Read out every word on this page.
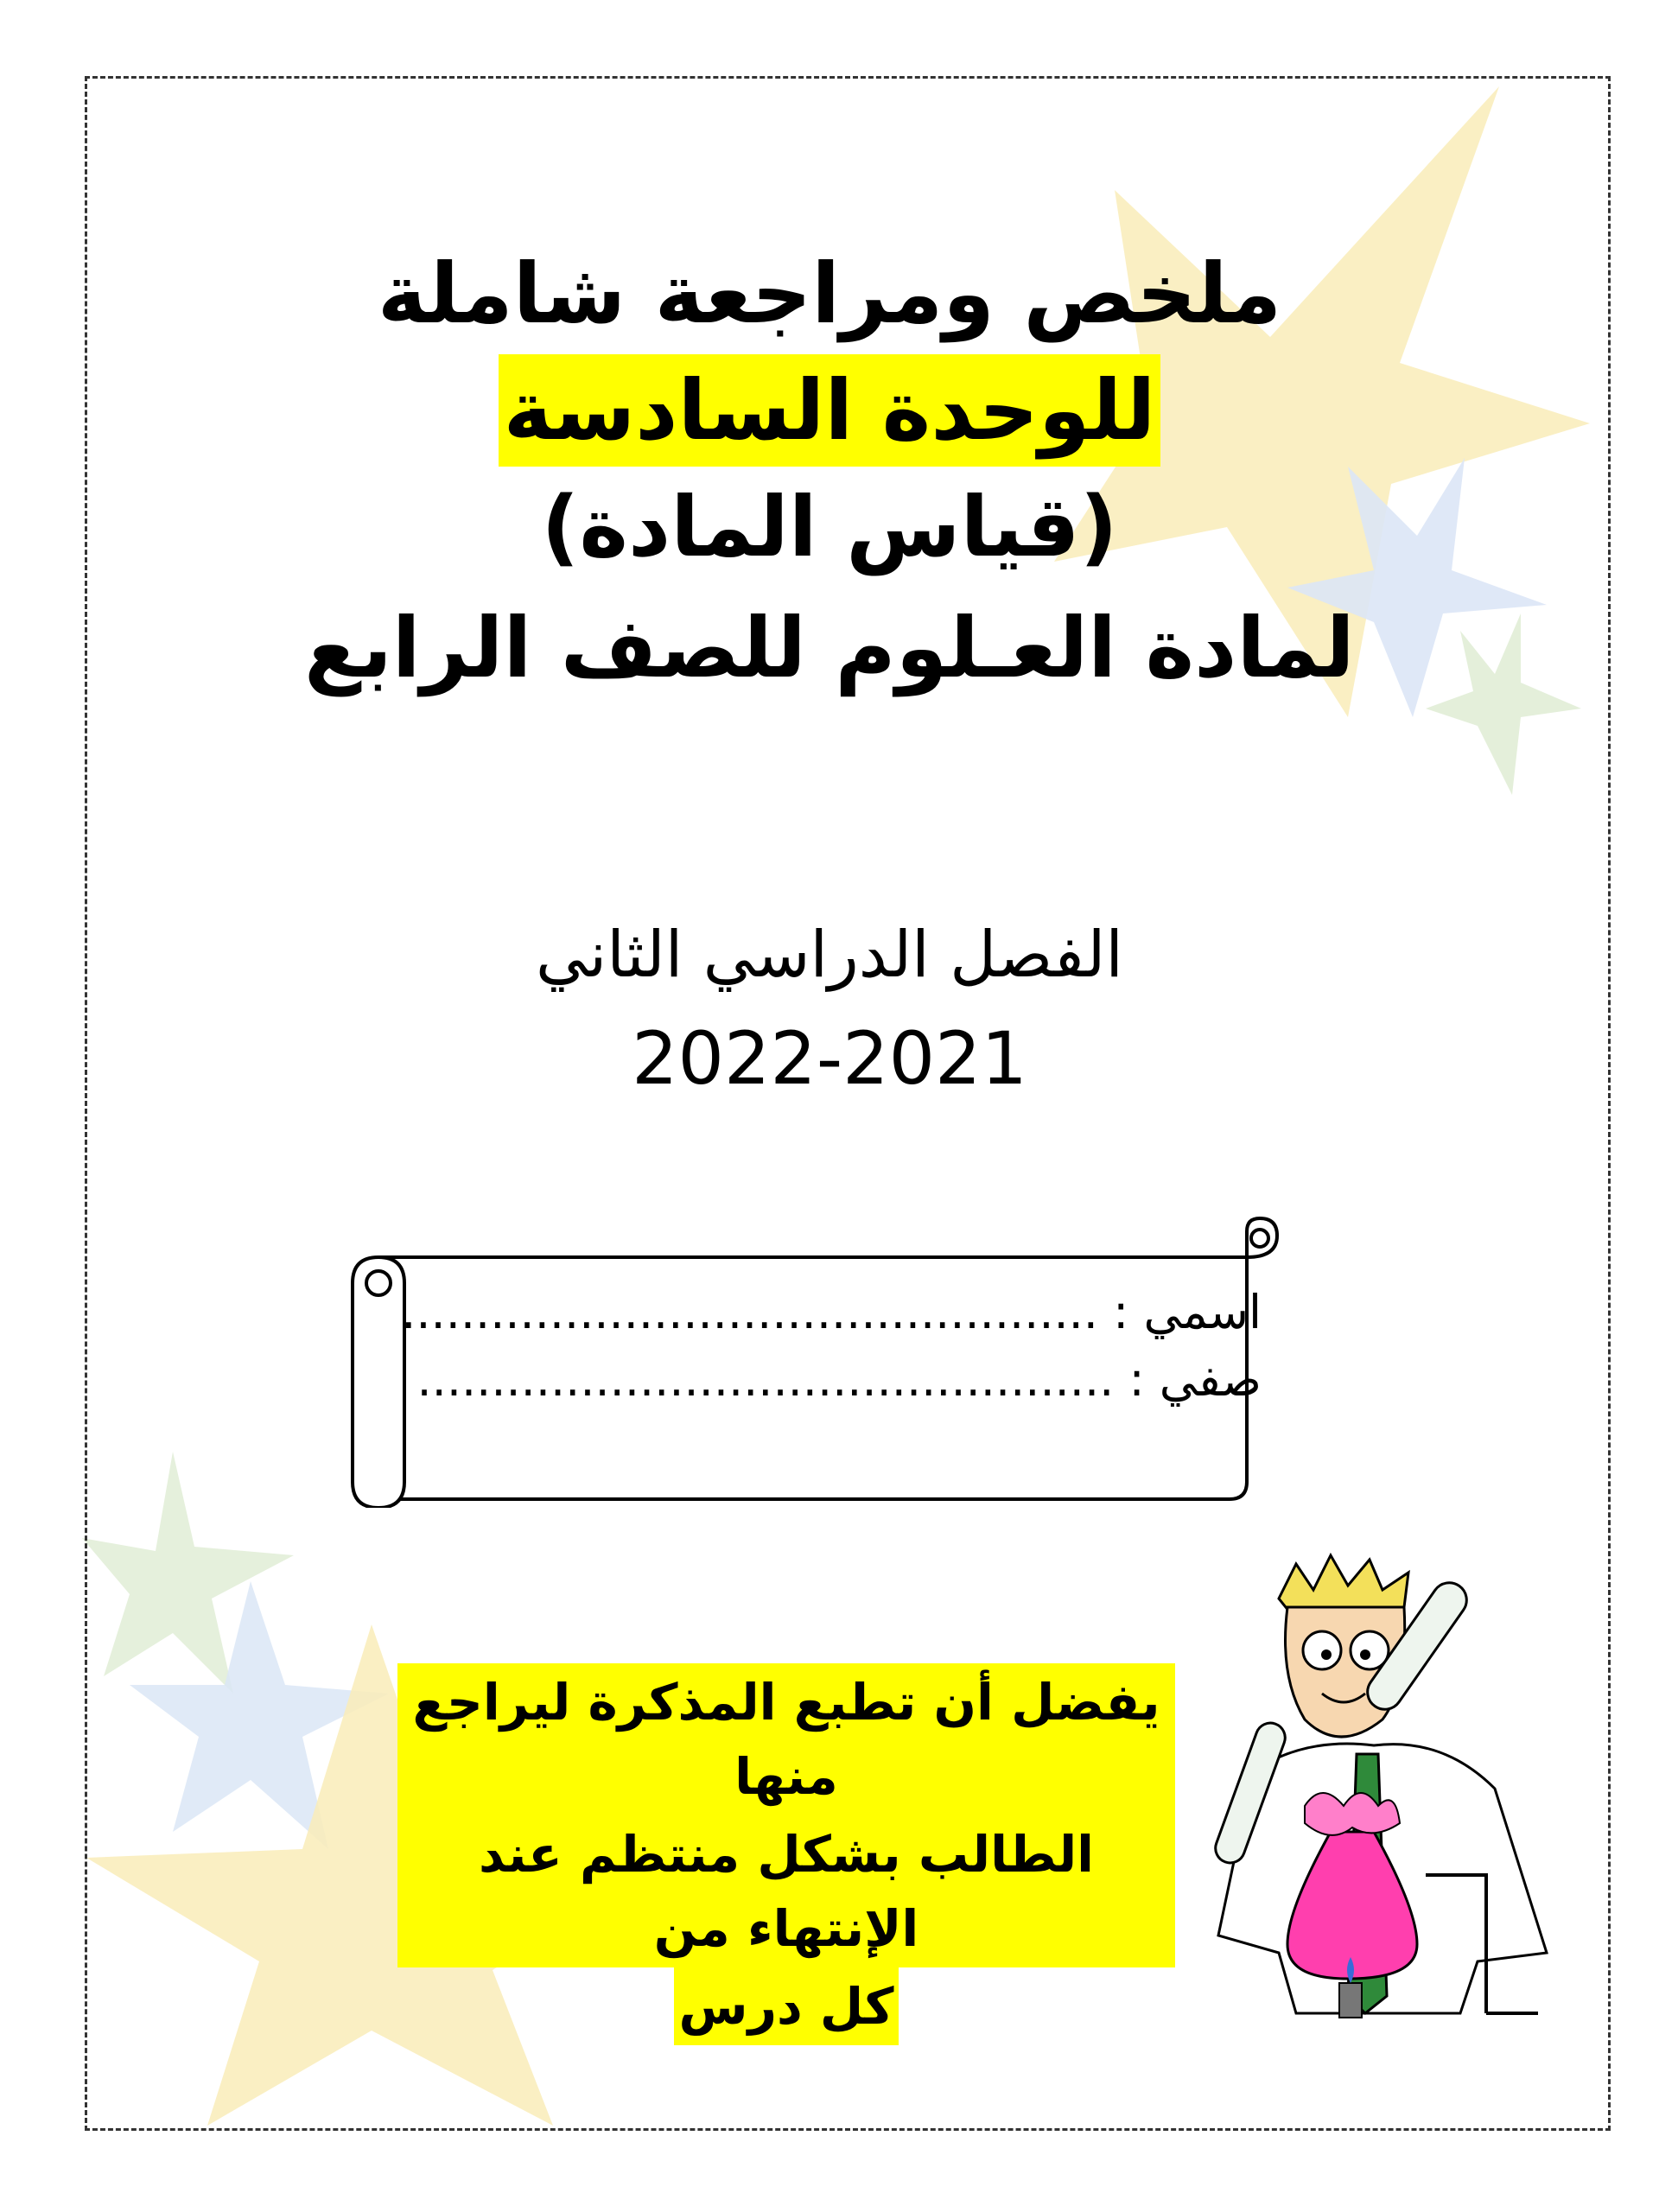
ملخص ومراجعة شاملة
للوحدة السادسة
(قياس المادة)
لمادة العـلوم للصف الرابع
الفصل الدراسي الثاني
2022-2021
اسمي : ...............................................
صفي : ...............................................
يفضل أن تطبع المذكرة ليراجع منها
الطالب بشكل منتظم عند الإنتهاء من
كل درس
